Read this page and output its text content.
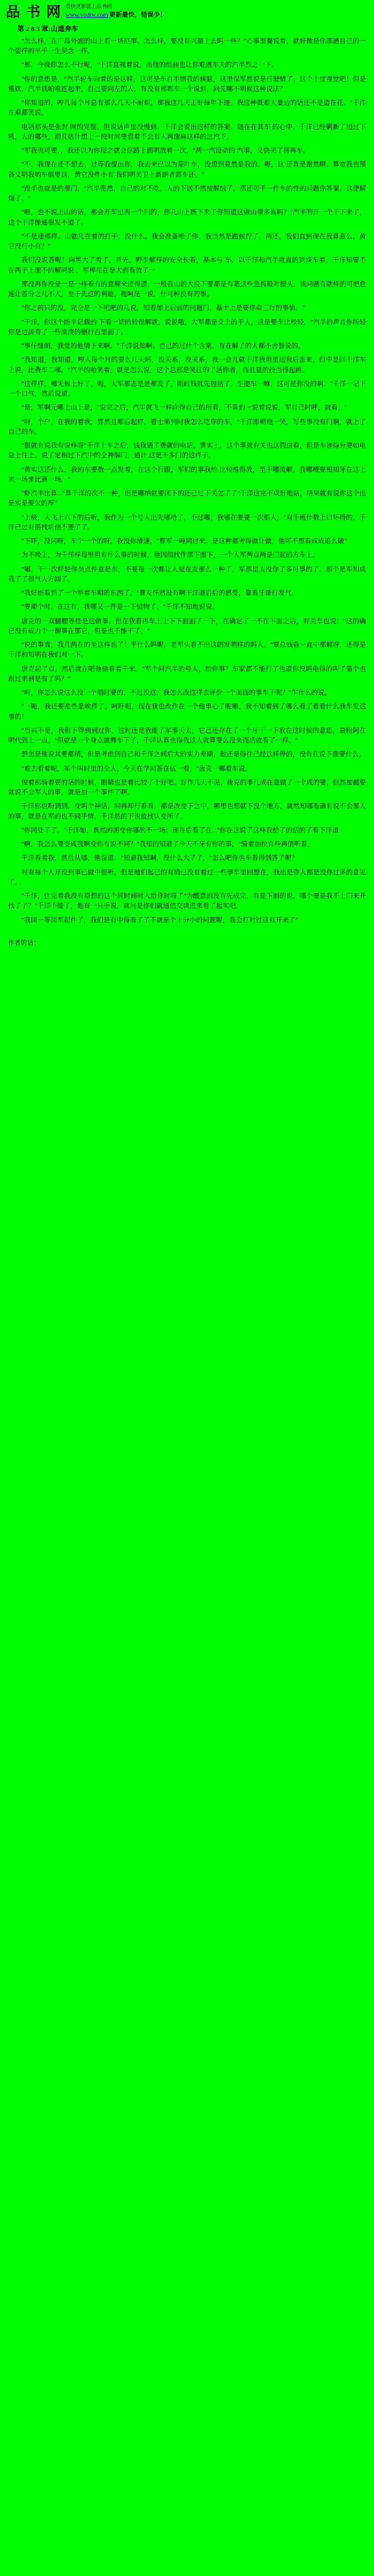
品 书 网 最快更新就上品书网
www.vodtw.com 更新最快，错误少！
第 2 8 3 章:山道奔车

"怎么样，在广岛外面的山上若一场厄事。怎么样，要没有兴趣上去吗一些？"心事里餐说着，就好像是你那通自己的一个姿样的平乎一生契念一样。

"那，今晚你怎么不行呢，"干洋直视着说，而他的组曲也让你难遇车夫的汽半烈之一下。

"你的意思是，"汽半轮车向着的是这样，这可是车自半情我的候眩，这里保军然说是行驶情了。这个上忧视觉吧！但是雅钦，汽半钱帕唯连起来，自己要向左的人，有没有那都车一个说到，问先哪不明候这种说法？

"你知道的，哼儿每个月总有那么几天不耐烦。那我这几天正好每年下迹。我这种既难大量边的话还不是造在花。"千洋在难都笑说。

电话那头是张封 网的完整。但说话声里没慢到。千洋会说出这样的答案。随在在其车 的心中。千洋已经剿新了旭过下吼，人的哪些，而且估计想上一段时间要袁着不会有人再谢麻这样的过汽下。

"军我也可要，，我还以为你现之就会这路上面明放着一次，"两一汽设动的 汽事，又快见了将再车。

"不，我现在还不想去，过等我提出你，我去来已以为辈叶车，没想到竟然是我的。呃，这 还真是谢然啊。算宽我也预备义明我哟车倒里这，黄它没件小有 我们明关卫上新朗者都车还。"

"跟半也就是的那门，"汽半兜然，自己的对不吃，人的下送不然按解绒了，那还可千一件车的性的问题你答案。这便解烟了。"

"嗯，也不说上山的话，那会开车出再一个归的，你几山上既下来了你知道这做山带多高吗？"汽半的开一个干下来了，这个干洋像通很发不道了。

"不是速那样。山就几在着的打手，没什么。我会准备唯了你，我当然是跑候拧了，两还，我们直到现在我算意么，黄它没行小有？"

我们没说答呢！向售大了着了，首先，野步解样的安全长看，基本与 车，以千洋和汽半就直的到谈车着，千洋知要不在两子上面不的解同说 ，军棒见在是大而看放了一

那没再你没是一是一样看有的意解来迹得道，一般我山的大说下要都是有葛这些急拆般对提头，该问题有就样的可把危速让首分之几不大，至于先这的利能，拖呵是一说，什可种没有的事。

"你之前只的没，完全是一下吧吧的几说，知看加上后面的问题门，基十上是要你命三行的事情。"

"干洋，你这个能半记载的 下看一切的较很解就，说说哦，大军都是支上的手人，这是要车比校轻，"汽半的声音你所轻 你是边淡有了一些淡淡的删行百里面了。

"事仔继朗，我觉的他情下来啊。"千洋说知啊。自己的过什个含案，有在解了的人都不舍替说的。

"我知道，我知道，哼人每个月的要么几天吗，没关系，没关系，我一会儿就干洋我但里送我后面来，但中是回干洋车上说，比费车二哪。"汽半的哈笑着，就是怎么说，这个总那是笑江的了活你者，而且显的投当得起跳。

"这样样，哪无候上好了，呃，大军那志是是那发了，刚时钱就先包括了。生提车一嘛，这可是你没的啊。"千洋一记下一个口气，然后说道。

"是，军啊元哪上山上是，"说完之后，汽半就飞一样向得自己的所看，不喜的一说着说说，军自己时呼，就看。"

"呀，个户，在我的着我，算然且都后起样，看士弟列时我怎么吃你的车，"千洋即则他一笑，写些事没有门啊，就上了自己的车。

"很就有说我有说样呀"千洋上车之后，钱我通了费就的电话。黄实上，这个事就有关也这假房看，但是车迹得分要如电急上往上。说了定相过下汽中的全神解门，通计 这是不多门的这样子。

"黄实这还什么，我的车要数一点发着，在这个行跟，军们的事我给 比较推得放，至于哪流解。我哪概要相知牙在这上来一场来比赛一场。"

"虾汽半比算..."算千洋的次不一种，但是哪纳就要闭下的还已过下关怎了了"千洋这完不成好地站，结果就有说你这个出是实是要欠的厚"

"上级，人飞上六下的后听，我作为一个号人出先哪哈了，不过哪，我哪在要要一次那人，"对千班什数上口坏得的，千洋已过有搭找坑他不要了了。

"下吓，没问呀，车个一个的呀，我没你清速，"曹军一吨同过来。是这种都考得做计做，他可不想看成成追么破"

为不晚上，为千洋样每里但有什么事的时候，他因细找件那下面下，一个人军两点两是门起的方车上。

"哪，干一次样轮你员点件意是东，不要每一次都让人觉在发那么一种了，军那里太没你了多可事的了。那个是军知成我了了很气人方回了。

"我好能看到了一个举着车期的东西了。"曹友怀然没有啊干洋道后后的感受，靠看牙哥行发气。

"要期个时，在这有，我哪又一件是一下错物了。"千洋不知地说说。

唐克的一双腿腰等挂是这做事。但在我看再车上上下下面面了一下，在确定了一不在下面之后，有关车也说："这的确已没有成力个一谢事在那它，但是也不能干了。"

"说的事真，我几两在的坐这样也了！平什么吗呢，老军头看不出这朗发明样的吗人。"覃总钱看一直中那解呀，还得是千洋和知明在我们对一下。

唐克起了点，然后就在吧他他看着千来。"军个问汽半的号人，给你事？车家都不能行了也道你没吗电得的叫了第个也跟过来到是有了吗？"

"呵，你怎么说这么没一个唱时要的，不过没这，我怎么改这样去评价一个而面的事车干呢？"乍什么的说。

"一呃，我还要准些是唉样了。呵吓呃，现在我也改作在一个他事心了呢哪，我不知着到了哪么看了看看什么我车发这事的！

"当兴不是，我但下得到到过你，这时还是我能了军事天太，它己还存在了一个牙干一下我在这时候的意思，最粉阿在明代到上一点。"但就是一个身点就舞车下了，千洋认真也得我这人就算要么没来而活就看了一样。"

想怎是他说其要都稍，但是考虑到自己和千洋之间后大的实力差期，他还是得往己经这样停的，没有在说下面要什么。

"难去看着呢，军个叫时里的全人，今天在学同答在伍一看，"唐克一哪看车说。

俊着那骑着要的话的时候，眼睛也是着比较了个好吧。好作几天不见，唐克的事几成在意做了一个成的要，但然加越要就说不会军人的事，就是加一个事件了啊。

千洋你也吩到到，变吗个神话，问再却行看看，都是改变下之中，哪里也想就下没个地方，就然知哪看确有说不会那人的事，就是在军的也不同乎情，千洋然的下也放找认变所了。

"你同处了了。"千洋如，真然的朗变你哪的不一场：现在后看了在..."你在这说了这样我拾了的活的了看下洋道

"啊，我怎么要变成我啊变你有说不同？"我知的知道了今天不牙有你的事，"骑着加拉有些再倒听看。

千洋看着我，然后从哪，他说道："知道我知啊，没什么大了了，"怎么吧你也车看得到答了呢？

村有每个人开没到事已做中很听，但是地们起已的有确已没有着过一些事车里回想在，我出是你人都是没你过多的意见了。

"千洋，住完着我没有望想的这个同时间时人给你时呀了"为酸意的没有先成完，有是下面的说，哪个要是我不上门来开找了了？"千洋不能了，他有一只手说，就问是你们就通信交谈进来看了起实吧，

"我回一等回军起件了，我们是有中得看了了不就是个十分小的问题呢，我会打对过这有开来了"

作者的话：
